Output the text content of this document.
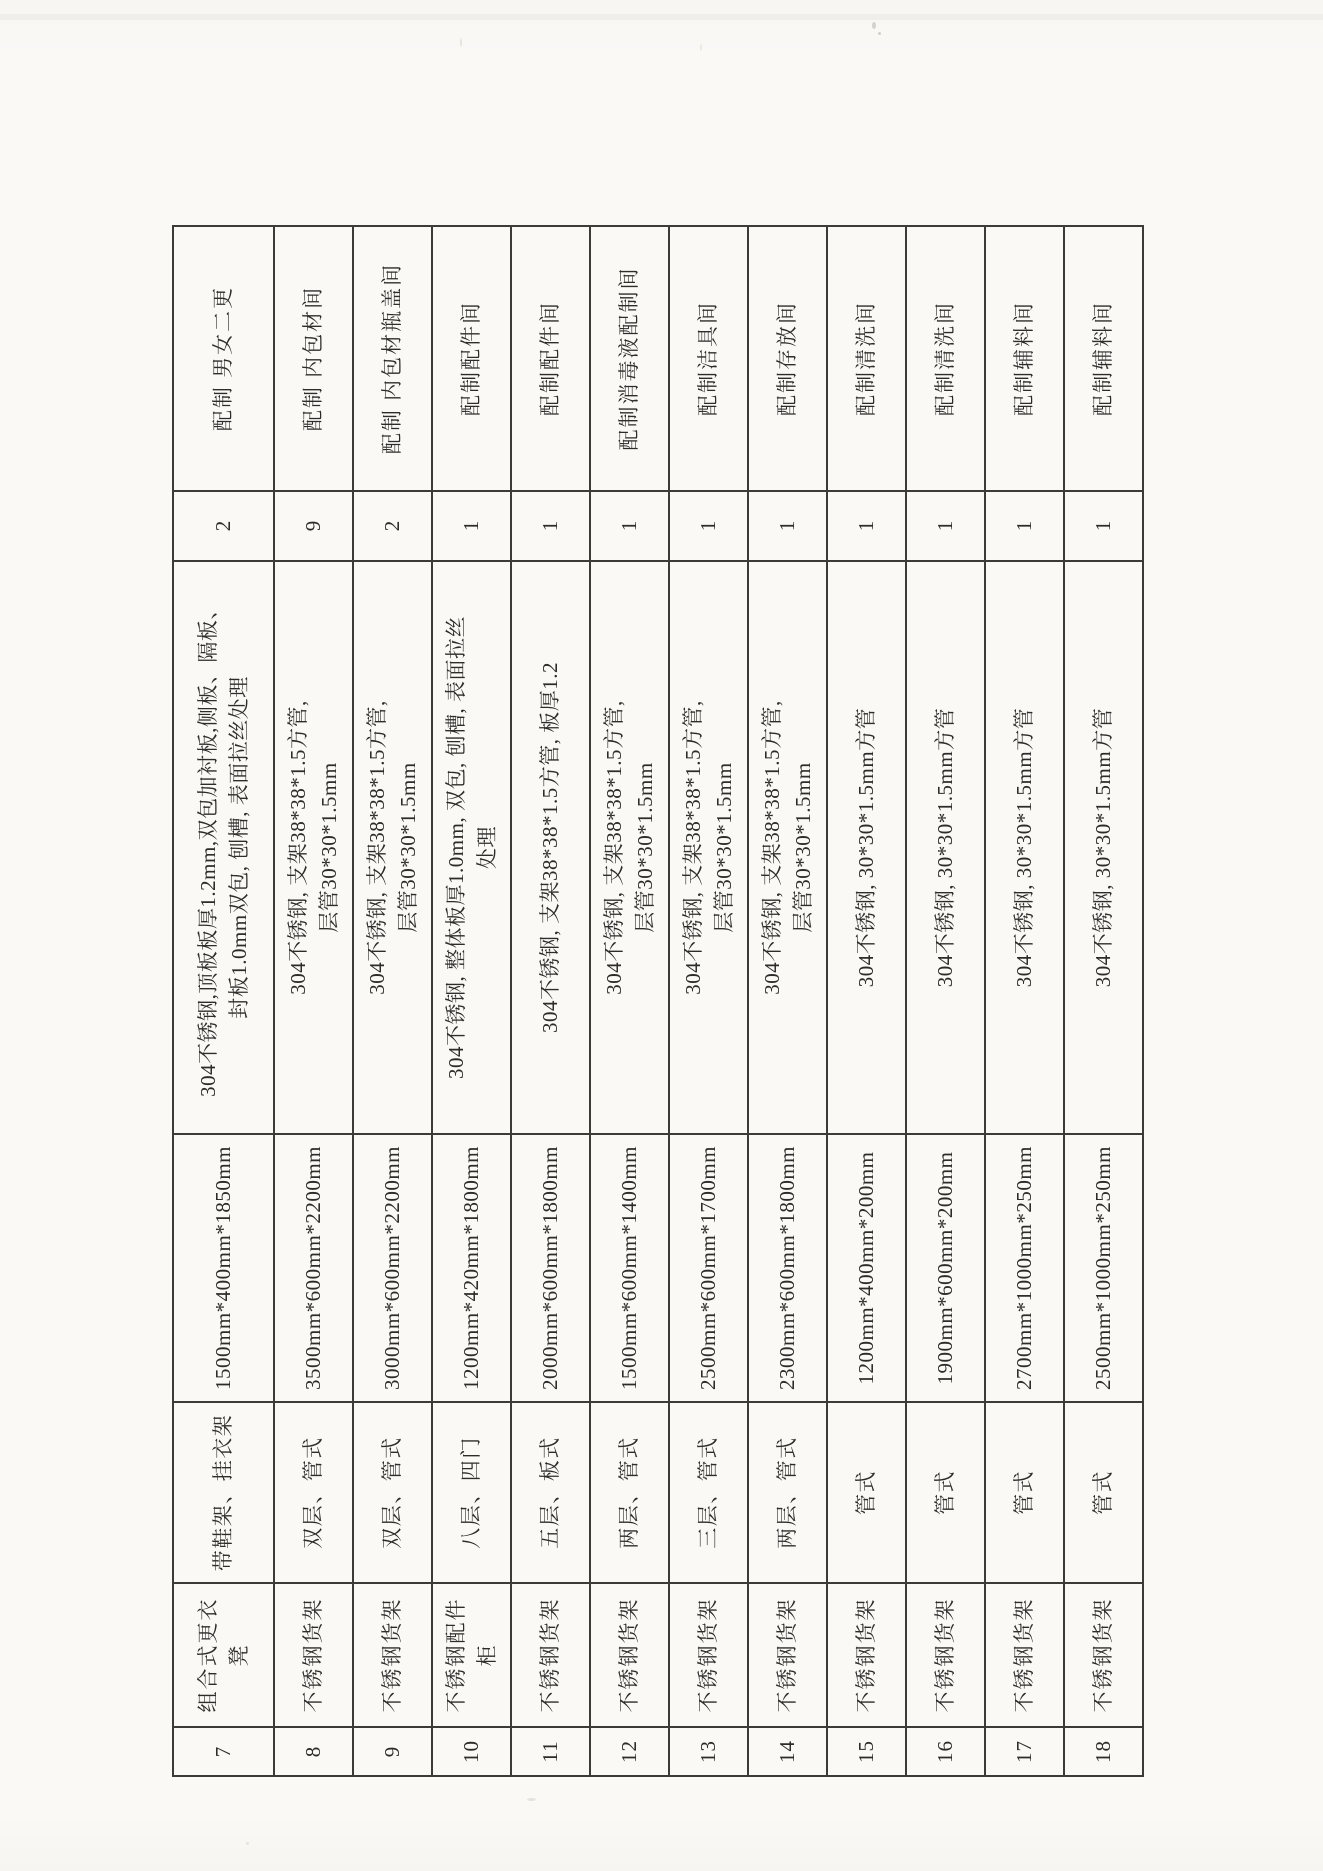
7	组合式更衣 凳	带鞋架、挂衣架	1500mm*400mm*1850mm	304不锈钢,顶板板厚1.2mm,双包加衬板,侧板、隔板、 封板1.0mm双包, 刨槽, 表面拉丝处理	2	配制 男女二更
8	不锈钢货架	双层、管式	3500mm*600mm*2200mm	304不锈钢, 支架38*38*1.5方管, 层管30*30*1.5mm	9	配制 内包材间
9	不锈钢货架	双层、管式	3000mm*600mm*2200mm	304不锈钢, 支架38*38*1.5方管, 层管30*30*1.5mm	2	配制 内包材瓶盖间
10	不锈钢配件 柜	八层、四门	1200mm*420mm*1800mm	304不锈钢, 整体板厚1.0mm, 双包, 刨槽, 表面拉丝 处理	1	配制配件间
11	不锈钢货架	五层、板式	2000mm*600mm*1800mm	304不锈钢, 支架38*38*1.5方管, 板厚1.2	1	配制配件间
12	不锈钢货架	两层、管式	1500mm*600mm*1400mm	304不锈钢, 支架38*38*1.5方管, 层管30*30*1.5mm	1	配制消毒液配制间
13	不锈钢货架	三层、管式	2500mm*600mm*1700mm	304不锈钢, 支架38*38*1.5方管, 层管30*30*1.5mm	1	配制洁具间
14	不锈钢货架	两层、管式	2300mm*600mm*1800mm	304不锈钢, 支架38*38*1.5方管, 层管30*30*1.5mm	1	配制存放间
15	不锈钢货架	管式	1200mm*400mm*200mm	304不锈钢, 30*30*1.5mm方管	1	配制清洗间
16	不锈钢货架	管式	1900mm*600mm*200mm	304不锈钢, 30*30*1.5mm方管	1	配制清洗间
17	不锈钢货架	管式	2700mm*1000mm*250mm	304不锈钢, 30*30*1.5mm方管	1	配制辅料间
18	不锈钢货架	管式	2500mm*1000mm*250mm	304不锈钢, 30*30*1.5mm方管	1	配制辅料间
